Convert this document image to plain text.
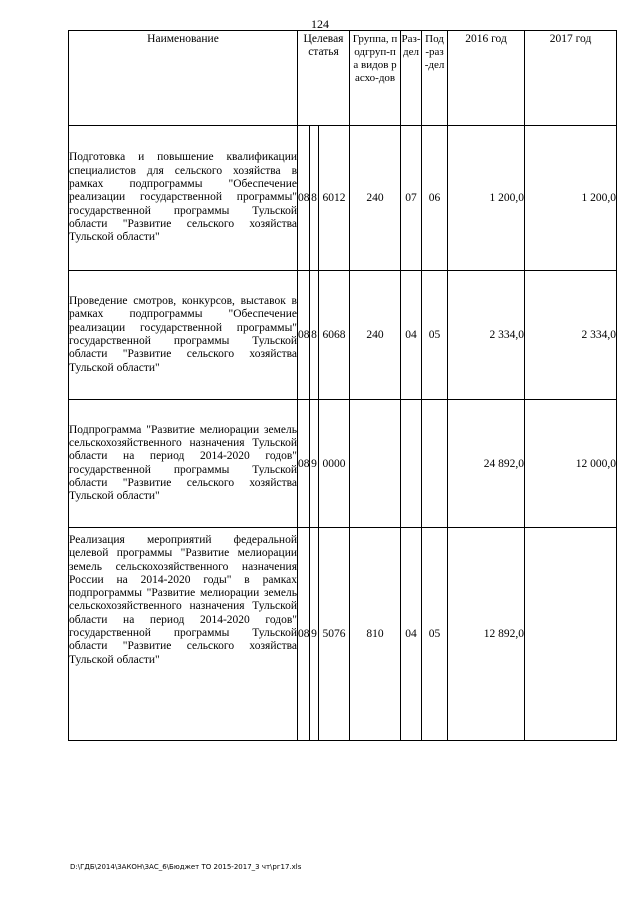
124
Наименование	Целевая статья			Группа, подгруп-па видов расхо-дов	Раз-дел	Под-раз-дел	2016 год	2017 год

Подготовка и повышение квалификации специалистов для сельского хозяйства в рамках подпрограммы "Обеспечение реализации государственной программы" государственной программы Тульской области "Развитие сельского хозяйства Тульской области"	08	8	6012	240	07	06	1 200,0	1 200,0

Проведение смотров, конкурсов, выставок в рамках подпрограммы "Обеспечение реализации государственной программы" государственной программы Тульской области "Развитие сельского хозяйства Тульской области"	08	8	6068	240	04	05	2 334,0	2 334,0

Подпрограмма "Развитие мелиорации земель сельскохозяйственного назначения Тульской области на период 2014-2020 годов" государственной программы Тульской области "Развитие сельского хозяйства Тульской области"	08	9	0000				24 892,0	12 000,0

Реализация мероприятий федеральной целевой программы "Развитие мелиорации земель сельскохозяйственного назначения России на 2014-2020 годы" в рамках подпрограммы "Развитие мелиорации земель сельскохозяйственного назначения Тульской области на период 2014-2020 годов" государственной программы Тульской области "Развитие сельского хозяйства Тульской области"	08	9	5076	810	04	05	12 892,0	
D:\ГДБ\2014\ЗАКОН\ЗАС_6\Бюджет ТО 2015-2017_3 чт\рг17.xls
